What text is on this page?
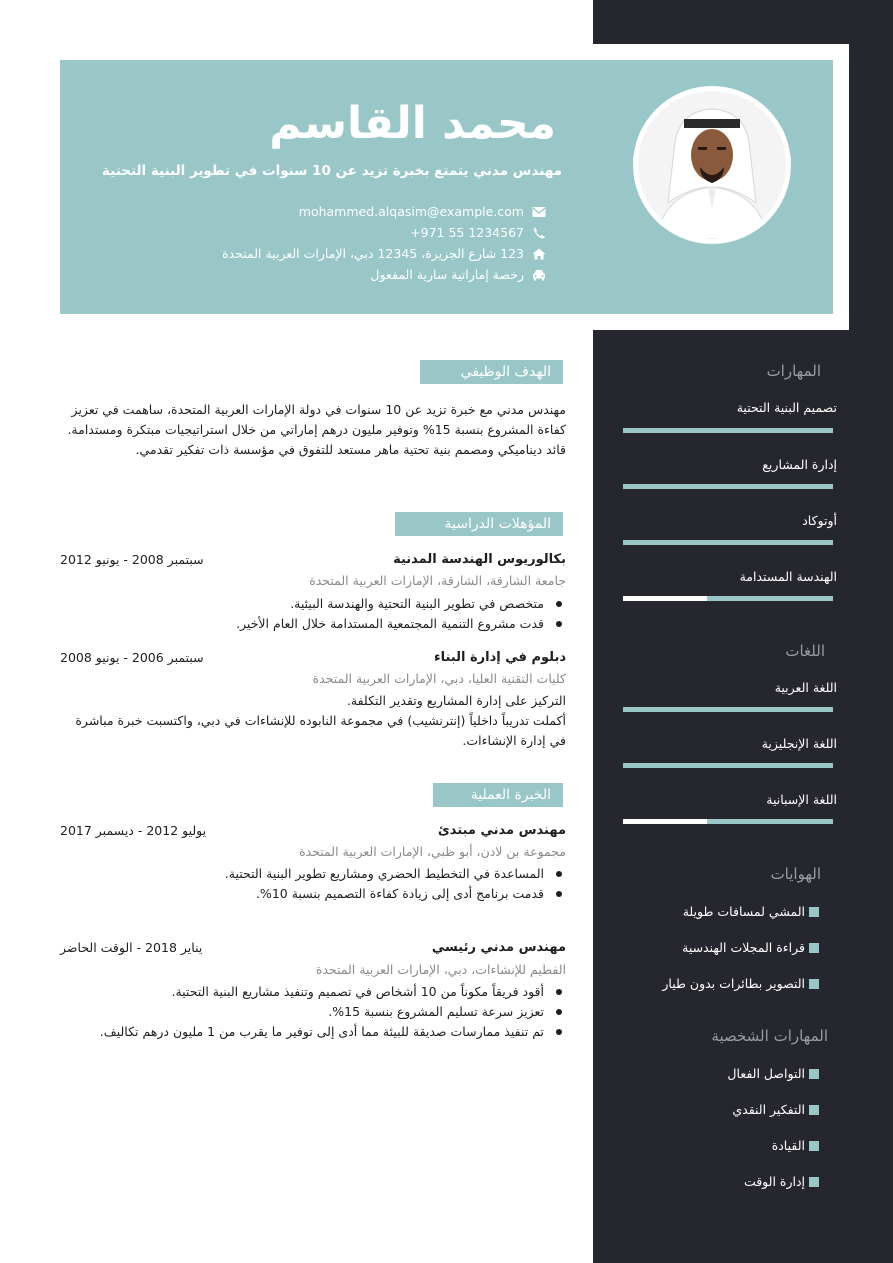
محمد القاسم
مهندس مدني يتمتع بخبرة تزيد عن 10 سنوات في تطوير البنية التحتية
mohammed.alqasim@example.com
+971 55 1234567
123 شارع الجزيرة، 12345 دبي، الإمارات العربية المتحدة
رخصة إماراتية سارية المفعول
الهدف الوظيفي
مهندس مدني مع خبرة تزيد عن 10 سنوات في دولة الإمارات العربية المتحدة، ساهمت في تعزيز كفاءة المشروع بنسبة 15% وتوفير مليون درهم إماراتي من خلال استراتيجيات مبتكرة ومستدامة. قائد ديناميكي ومصمم بنية تحتية ماهر مستعد للتفوق في مؤسسة ذات تفكير تقدمي.
المؤهلات الدراسية
بكالوريوس الهندسة المدنية
سبتمبر 2008 - يونيو 2012
جامعة الشارقة، الشارقة، الإمارات العربية المتحدة
متخصص في تطوير البنية التحتية والهندسة البيئية.
قدت مشروع التنمية المجتمعية المستدامة خلال العام الأخير.
دبلوم في إدارة البناء
سبتمبر 2006 - يونيو 2008
كليات التقنية العليا، دبي، الإمارات العربية المتحدة
التركيز على إدارة المشاريع وتقدير التكلفة.
أكملت تدريباً داخلياً (إنترنشيب) في مجموعة النابوده للإنشاءات في دبي، واكتسبت خبرة مباشرة في إدارة الإنشاءات.
الخبرة العملية
مهندس مدني مبتدئ
يوليو 2012 - ديسمبر 2017
مجموعة بن لادن، أبو ظبي، الإمارات العربية المتحدة
المساعدة في التخطيط الحضري ومشاريع تطوير البنية التحتية.
قدمت برنامج أدى إلى زيادة كفاءة التصميم بنسبة 10%.
مهندس مدني رئيسي
يناير 2018 - الوقت الحاضر
الفطيم للإنشاءات، دبي، الإمارات العربية المتحدة
أقود فريقاً مكوناً من 10 أشخاص في تصميم وتنفيذ مشاريع البنية التحتية.
تعزيز سرعة تسليم المشروع بنسبة 15%.
تم تنفيذ ممارسات صديقة للبيئة مما أدى إلى توفير ما يقرب من 1 مليون درهم تكاليف.
المهارات
تصميم البنية التحتية
إدارة المشاريع
أوتوكاد
الهندسة المستدامة
اللغات
اللغة العربية
اللغة الإنجليزية
اللغة الإسبانية
الهوايات
المشي لمسافات طويلة
قراءة المجلات الهندسية
التصوير بطائرات بدون طيار
المهارات الشخصية
التواصل الفعال
التفكير النقدي
القيادة
إدارة الوقت
